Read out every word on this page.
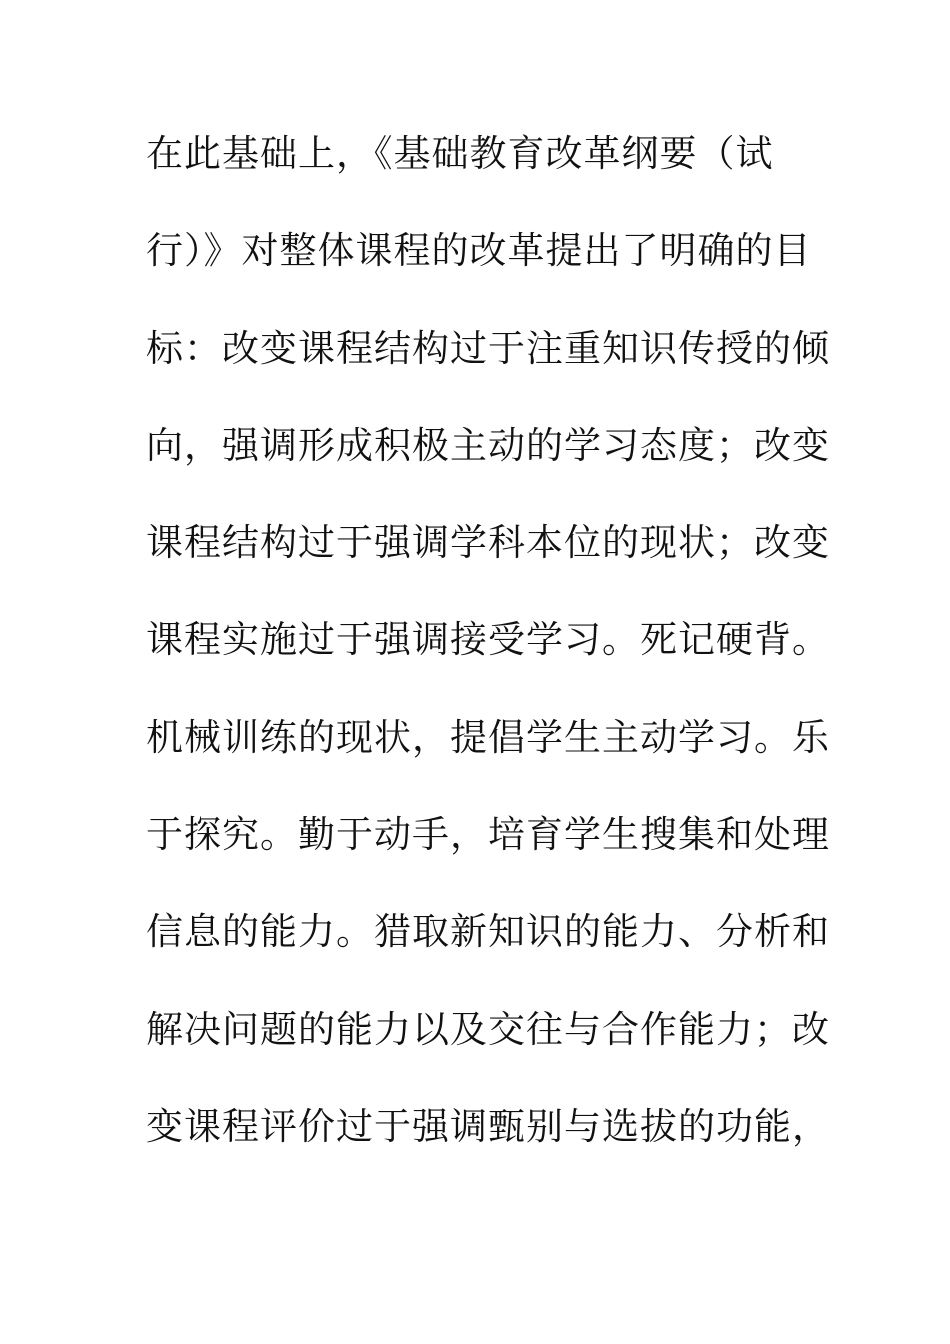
在此基础上，《基础教育改革纲要（试
行）》对整体课程的改革提出了明确的目
标：改变课程结构过于注重知识传授的倾
向，强调形成积极主动的学习态度；改变
课程结构过于强调学科本位的现状；改变
课程实施过于强调接受学习。死记硬背。
机械训练的现状，提倡学生主动学习。乐
于探究。勤于动手，培育学生搜集和处理
信息的能力。猎取新知识的能力、分析和
解决问题的能力以及交往与合作能力；改
变课程评价过于强调甄别与选拔的功能，
